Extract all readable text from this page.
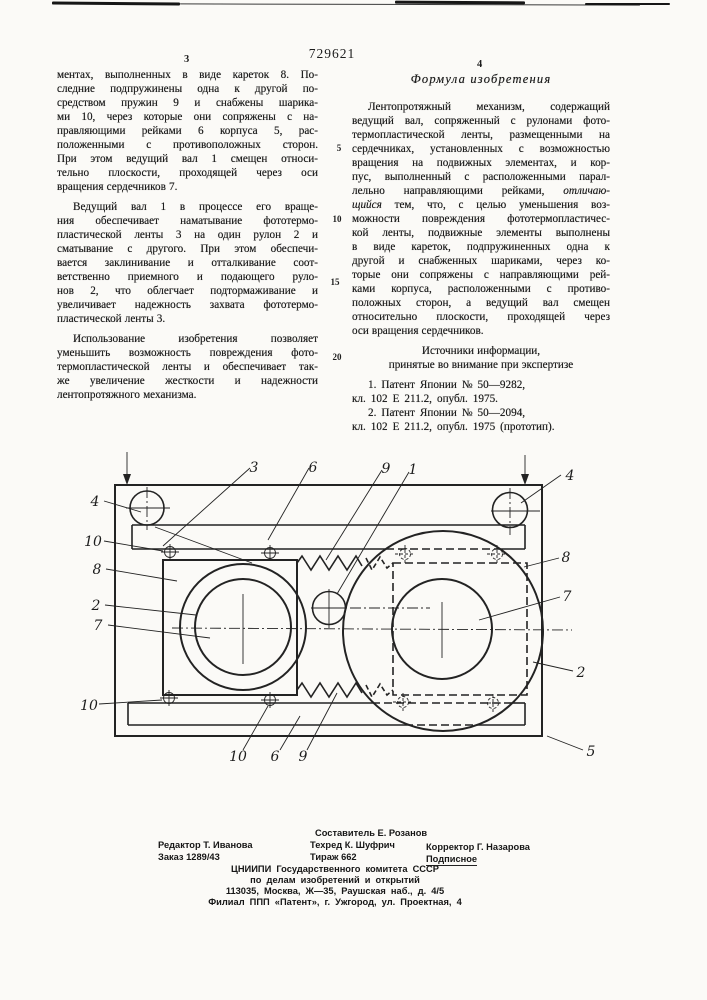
729621
3	4
5
10
15
20
ментах, выполненных в виде кареток 8. По-
следние подпружинены одна к другой по-
средством пружин 9 и снабжены шарика-
ми 10, через которые они сопряжены с на-
правляющими рейками 6 корпуса 5, рас-
положенными с противоположных сторон.
При этом ведущий вал 1 смещен относи-
тельно плоскости, проходящей через оси
вращения сердечников 7.
Ведущий вал 1 в процессе его враще-
ния обеспечивает наматывание фототермо-
пластической ленты 3 на один рулон 2 и
сматывание с другого. При этом обеспечи-
вается заклинивание и отталкивание соот-
ветственно приемного и подающего руло-
нов 2, что облегчает подтормаживание и
увеличивает надежность захвата фототермо-
пластической ленты 3.
Использование изобретения позволяет
уменьшить возможность повреждения фото-
термопластической ленты и обеспечивает так-
же увеличение жесткости и надежности
лентопротяжного механизма.
Формула изобретения
Лентопротяжный механизм, содержащий
ведущий вал, сопряженный с рулонами фото-
термопластической ленты, размещенными на
сердечниках, установленных с возможностью
вращения на подвижных элементах, и кор-
пус, выполненный с расположенными парал-
лельно направляющими рейками, отличаю-
щийся тем, что, с целью уменьшения воз-
можности повреждения фототермопластичес-
кой ленты, подвижные элементы выполнены
в виде кареток, подпружиненных одна к
другой и снабженных шариками, через ко-
торые они сопряжены с направляющими рей-
ками корпуса, расположенными с противо-
положных сторон, а ведущий вал смещен
относительно плоскости, проходящей через
оси вращения сердечников.
Источники информации,
принятые во внимание при экспертизе
1. Патент Японии № 50—9282,
кл. 102 Е 211.2, опубл. 1975.
2. Патент Японии № 50—2094,
кл. 102 Е 211.2, опубл. 1975 (прототип).
3	6	9 1	4
4
10
8
2
7
10
10 6 9
8
7
2
5
Составитель Е. Розанов
Редактор Т. Иванова	Техред К. Шуфрич	Корректор Г. Назарова
Заказ 1289/43	Тираж 662	Подписное
ЦНИИПИ Государственного комитета СССР
по делам изобретений и открытий
113035, Москва, Ж—35, Раушская наб., д. 4/5
Филиал ППП «Патент», г. Ужгород, ул. Проектная, 4
